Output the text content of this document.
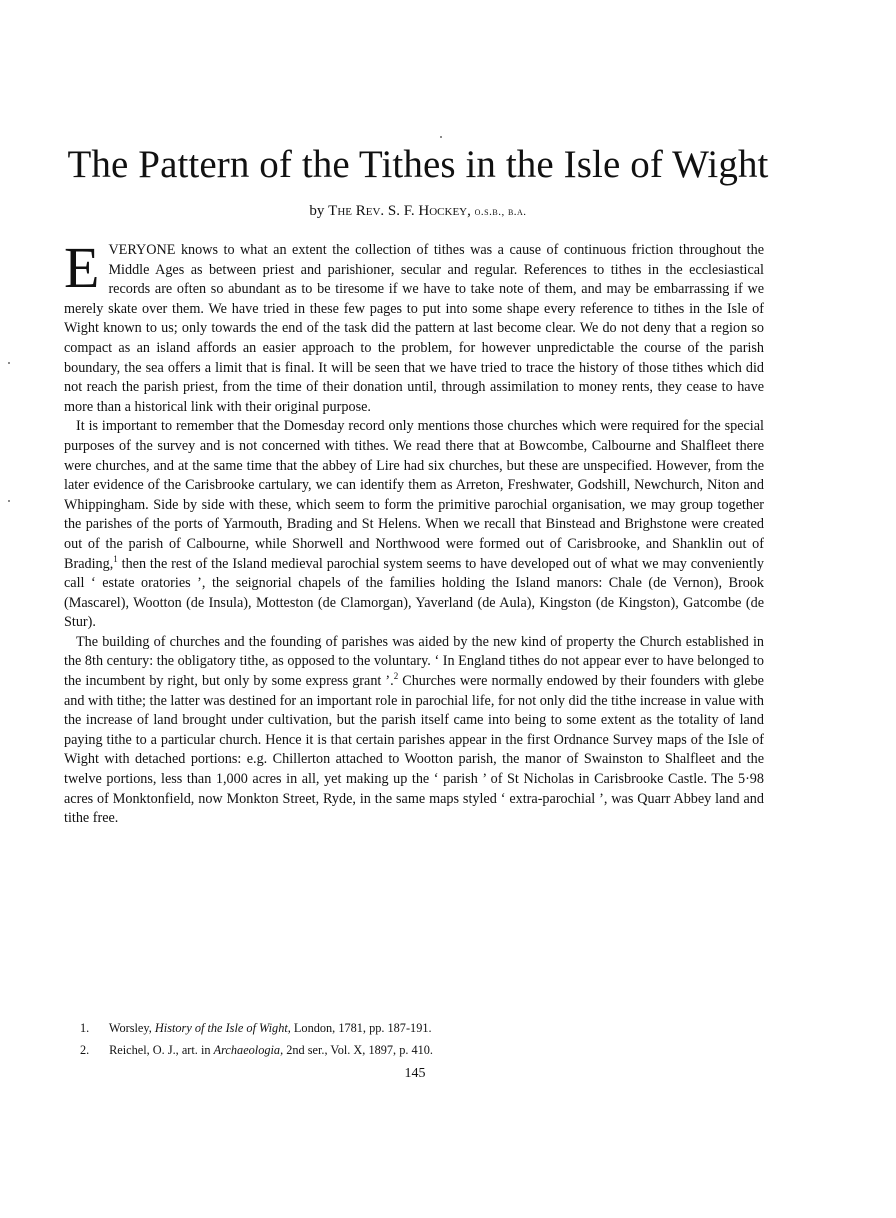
The Pattern of the Tithes in the Isle of Wight
by The Rev. S. F. Hockey, o.s.b., b.a.

E VERYONE knows to what an extent the collection of tithes was a cause of continuous friction throughout the Middle Ages as between priest and parishioner, secular and regular. References to tithes in the ecclesiastical records are often so abundant as to be tiresome if we have to take note of them, and may be embarrassing if we merely skate over them. We have tried in these few pages to put into some shape every reference to tithes in the Isle of Wight known to us; only towards the end of the task did the pattern at last become clear. We do not deny that a region so compact as an island affords an easier approach to the problem, for however unpredictable the course of the parish boundary, the sea offers a limit that is final. It will be seen that we have tried to trace the history of those tithes which did not reach the parish priest, from the time of their donation until, through assimilation to money rents, they cease to have more than a historical link with their original purpose.

It is important to remember that the Domesday record only mentions those churches which were required for the special purposes of the survey and is not concerned with tithes. We read there that at Bowcombe, Calbourne and Shalfleet there were churches, and at the same time that the abbey of Lire had six churches, but these are unspecified. However, from the later evidence of the Carisbrooke cartulary, we can identify them as Arreton, Freshwater, Godshill, Newchurch, Niton and Whippingham. Side by side with these, which seem to form the primitive parochial organisation, we may group together the parishes of the ports of Yarmouth, Brading and St Helens. When we recall that Binstead and Brighstone were created out of the parish of Calbourne, while Shorwell and Northwood were formed out of Carisbrooke, and Shanklin out of Brading,$^1$ then the rest of the Island medieval parochial system seems to have developed out of what we may conveniently call ‘ estate oratories ’, the seignorial chapels of the families holding the Island manors: Chale (de Vernon), Brook (Mascarel), Wootton (de Insula), Motteston (de Clamorgan), Yaverland (de Aula), Kingston (de Kingston), Gatcombe (de Stur).

The building of churches and the founding of parishes was aided by the new kind of property the Church established in the 8th century: the obligatory tithe, as opposed to the voluntary. ‘ In England tithes do not appear ever to have belonged to the incumbent by right, but only by some express grant ’.$^2$ Churches were normally endowed by their founders with glebe and with tithe; the latter was destined for an important role in parochial life, for not only did the tithe increase in value with the increase of land brought under cultivation, but the parish itself came into being to some extent as the totality of land paying tithe to a particular church. Hence it is that certain parishes appear in the first Ordnance Survey maps of the Isle of Wight with detached portions: e.g. Chillerton attached to Wootton parish, the manor of Swainston to Shalfleet and the twelve portions, less than 1,000 acres in all, yet making up the ‘ parish ’ of St Nicholas in Carisbrooke Castle. The 5·98 acres of Monktonfield, now Monkton Street, Ryde, in the same maps styled ‘ extra-parochial ’, was Quarr Abbey land and tithe free.

1. Worsley, History of the Isle of Wight, London, 1781, pp. 187-191.
2. Reichel, O. J., art. in Archaeologia, 2nd ser., Vol. X, 1897, p. 410.
145
